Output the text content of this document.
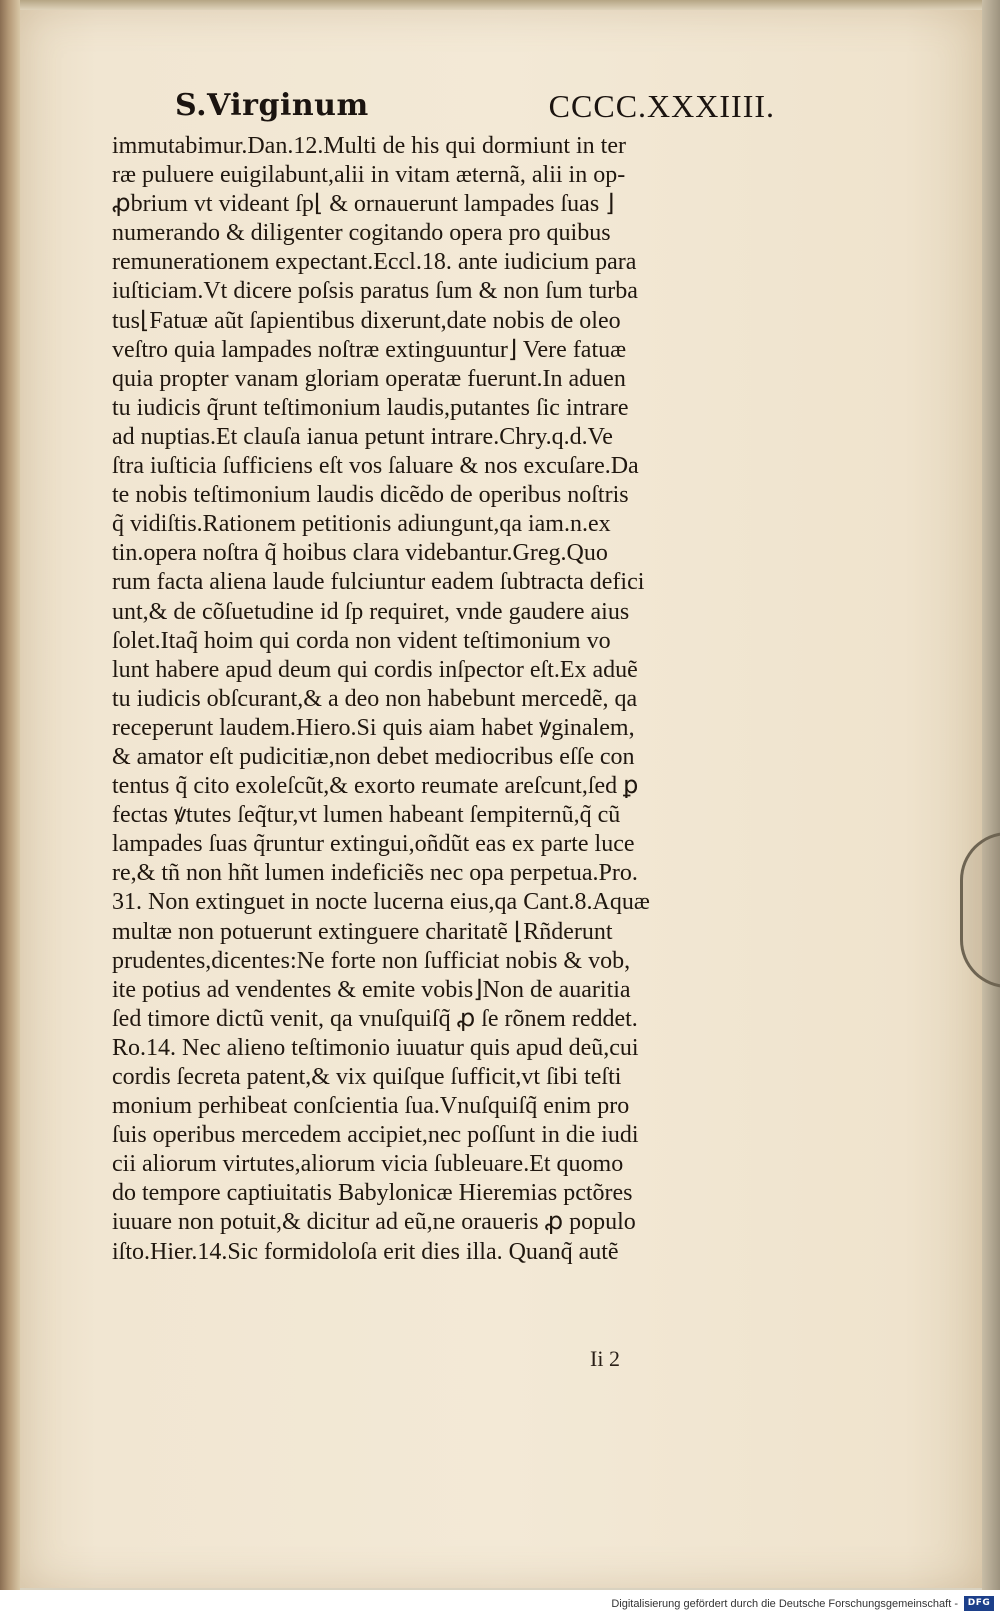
S.Virginum	CCCC.XXXIIII.
immutabimur.Dan.12.Multi de his qui dormiunt in ter
ræ puluere euigilabunt,alii in vitam æternã, alii in op-
ꝓbrium vt videant ſp⌊ & ornauerunt lampades ſuas ⌋
numerando & diligenter cogitando opera pro quibus
remunerationem expectant.Eccl.18. ante iudicium para
iuſticiam.Vt dicere poſsis paratus ſum & non ſum turba
tus⌊Fatuæ aũt ſapientibus dixerunt,date nobis de oleo
veſtro quia lampades noſtræ extinguuntur⌋ Vere fatuæ
quia propter vanam gloriam operatæ fuerunt.In aduen
tu iudicis q̃runt teſtimonium laudis,putantes ſic intrare
ad nuptias.Et clauſa ianua petunt intrare.Chry.q.d.Ve
ſtra iuſticia ſufficiens eſt vos ſaluare & nos excuſare.Da
te nobis teſtimonium laudis dicẽdo de operibus noſtris
q̃ vidiſtis.Rationem petitionis adiungunt,qa iam.n.ex
tin.opera noſtra q̃ hoibus clara videbantur.Greg.Quo
rum facta aliena laude fulciuntur eadem ſubtracta defici
unt,& de cõſuetudine id ſp requiret, vnde gaudere aius
ſolet.Itaq̃ hoim qui corda non vident teſtimonium vo
lunt habere apud deum qui cordis inſpector eſt.Ex aduẽ
tu iudicis obſcurant,& a deo non habebunt mercedẽ, qa
receperunt laudem.Hiero.Si quis aiam habet ꝟginalem,
& amator eſt pudicitiæ,non debet mediocribus eſſe con
tentus q̃ cito exoleſcũt,& exorto reumate areſcunt,ſed ꝑ
fectas ꝟtutes ſeq̃tur,vt lumen habeant ſempiternũ,q̃ cũ
lampades ſuas q̃runtur extingui,oñdũt eas ex parte luce
re,& tñ non hñt lumen indeficiẽs nec opa perpetua.Pro.
31. Non extinguet in nocte lucerna eius,qa Cant.8.Aquæ
multæ non potuerunt extinguere charitatẽ ⌊Rñderunt
prudentes,dicentes:Ne forte non ſufficiat nobis & vob,
ite potius ad vendentes & emite vobis⌋Non de auaritia
ſed timore dictũ venit, qa vnuſquiſq̃ ꝓ ſe rõnem reddet.
Ro.14. Nec alieno teſtimonio iuuatur quis apud deũ,cui
cordis ſecreta patent,& vix quiſque ſufficit,vt ſibi teſti
monium perhibeat conſcientia ſua.Vnuſquiſq̃ enim pro
ſuis operibus mercedem accipiet,nec poſſunt in die iudi
cii aliorum virtutes,aliorum vicia ſubleuare.Et quomo
do tempore captiuitatis Babylonicæ Hieremias pctõres
iuuare non potuit,& dicitur ad eũ,ne oraueris ꝓ populo
iſto.Hier.14.Sic formidoloſa erit dies illa. Quanq̃ autẽ
Ii 2
Digitalisierung gefördert durch die Deutsche Forschungsgemeinschaft -	DFG
